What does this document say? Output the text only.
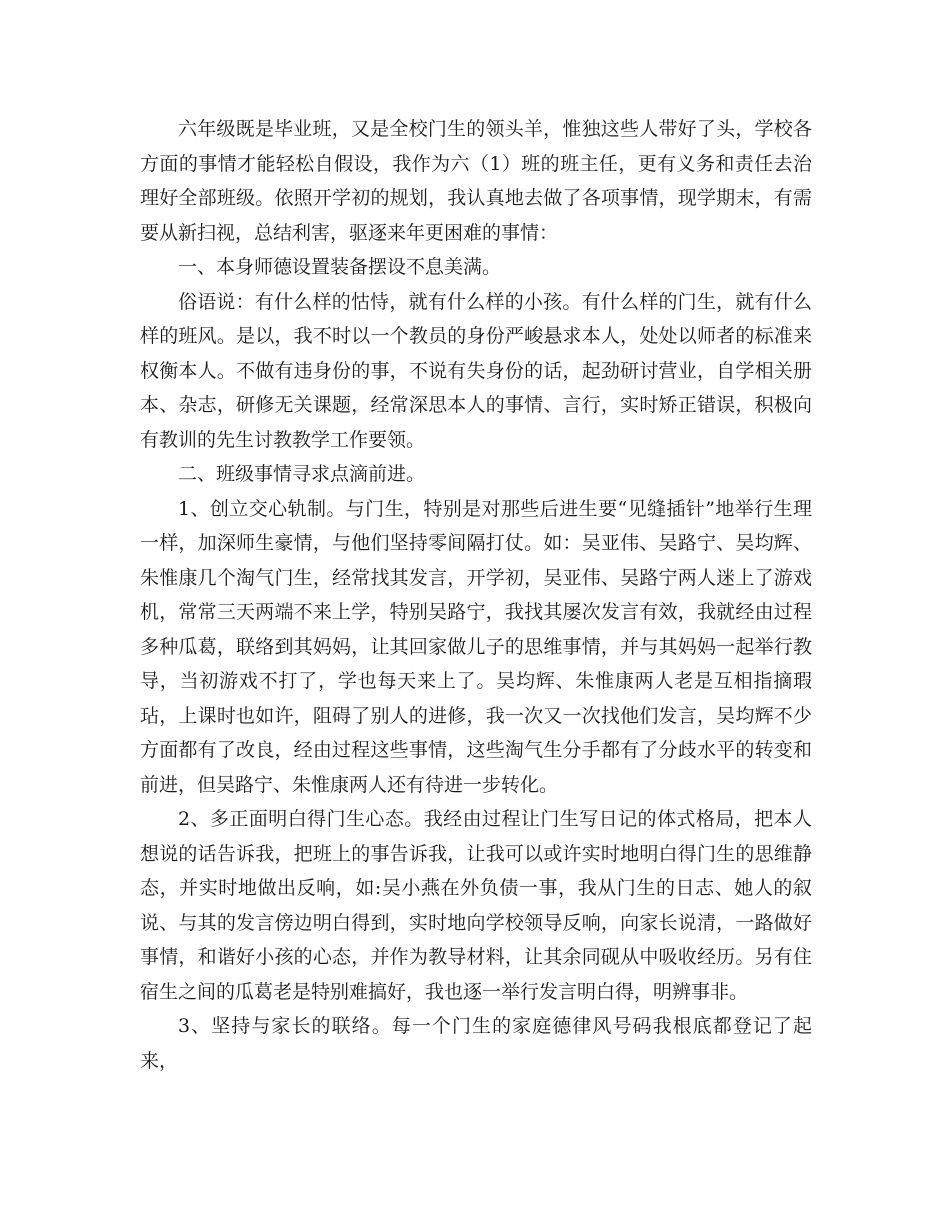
六年级既是毕业班，又是全校门生的领头羊，惟独这些人带好了头，学校各方面的事情才能轻松自假设，我作为六（1）班的班主任，更有义务和责任去治理好全部班级。依照开学初的规划，我认真地去做了各项事情，现学期末，有需要从新扫视，总结利害，驱逐来年更困难的事情：

一、本身师德设置装备摆设不息美满。

俗语说：有什么样的怙恃，就有什么样的小孩。有什么样的门生，就有什么样的班风。是以，我不时以一个教员的身份严峻悬求本人，处处以师者的标准来权衡本人。不做有违身份的事，不说有失身份的话，起劲研讨营业，自学相关册本、杂志，研修无关课题，经常深思本人的事情、言行，实时矫正错误，积极向有教训的先生讨教教学工作要领。

二、班级事情寻求点滴前进。

1、创立交心轨制。与门生，特别是对那些后进生要“见缝插针”地举行生理一样，加深师生豪情，与他们坚持零间隔打仗。如：吴亚伟、吴路宁、吴均辉、朱惟康几个淘气门生，经常找其发言，开学初，吴亚伟、吴路宁两人迷上了游戏机，常常三天两端不来上学，特别吴路宁，我找其屡次发言有效，我就经由过程多种瓜葛，联络到其妈妈，让其回家做儿子的思维事情，并与其妈妈一起举行教导，当初游戏不打了，学也每天来上了。吴均辉、朱惟康两人老是互相指摘瑕玷，上课时也如许，阻碍了别人的进修，我一次又一次找他们发言，吴均辉不少方面都有了改良，经由过程这些事情，这些淘气生分手都有了分歧水平的转变和前进，但吴路宁、朱惟康两人还有待进一步转化。

2、多正面明白得门生心态。我经由过程让门生写日记的体式格局，把本人想说的话告诉我，把班上的事告诉我，让我可以或许实时地明白得门生的思维静态，并实时地做出反响，如:吴小燕在外负债一事，我从门生的日志、她人的叙说、与其的发言傍边明白得到，实时地向学校领导反响，向家长说清，一路做好事情，和谐好小孩的心态，并作为教导材料，让其余同砚从中吸收经历。另有住宿生之间的瓜葛老是特别难搞好，我也逐一举行发言明白得，明辨事非。

3、坚持与家长的联络。每一个门生的家庭德律风号码我根底都登记了起来，
